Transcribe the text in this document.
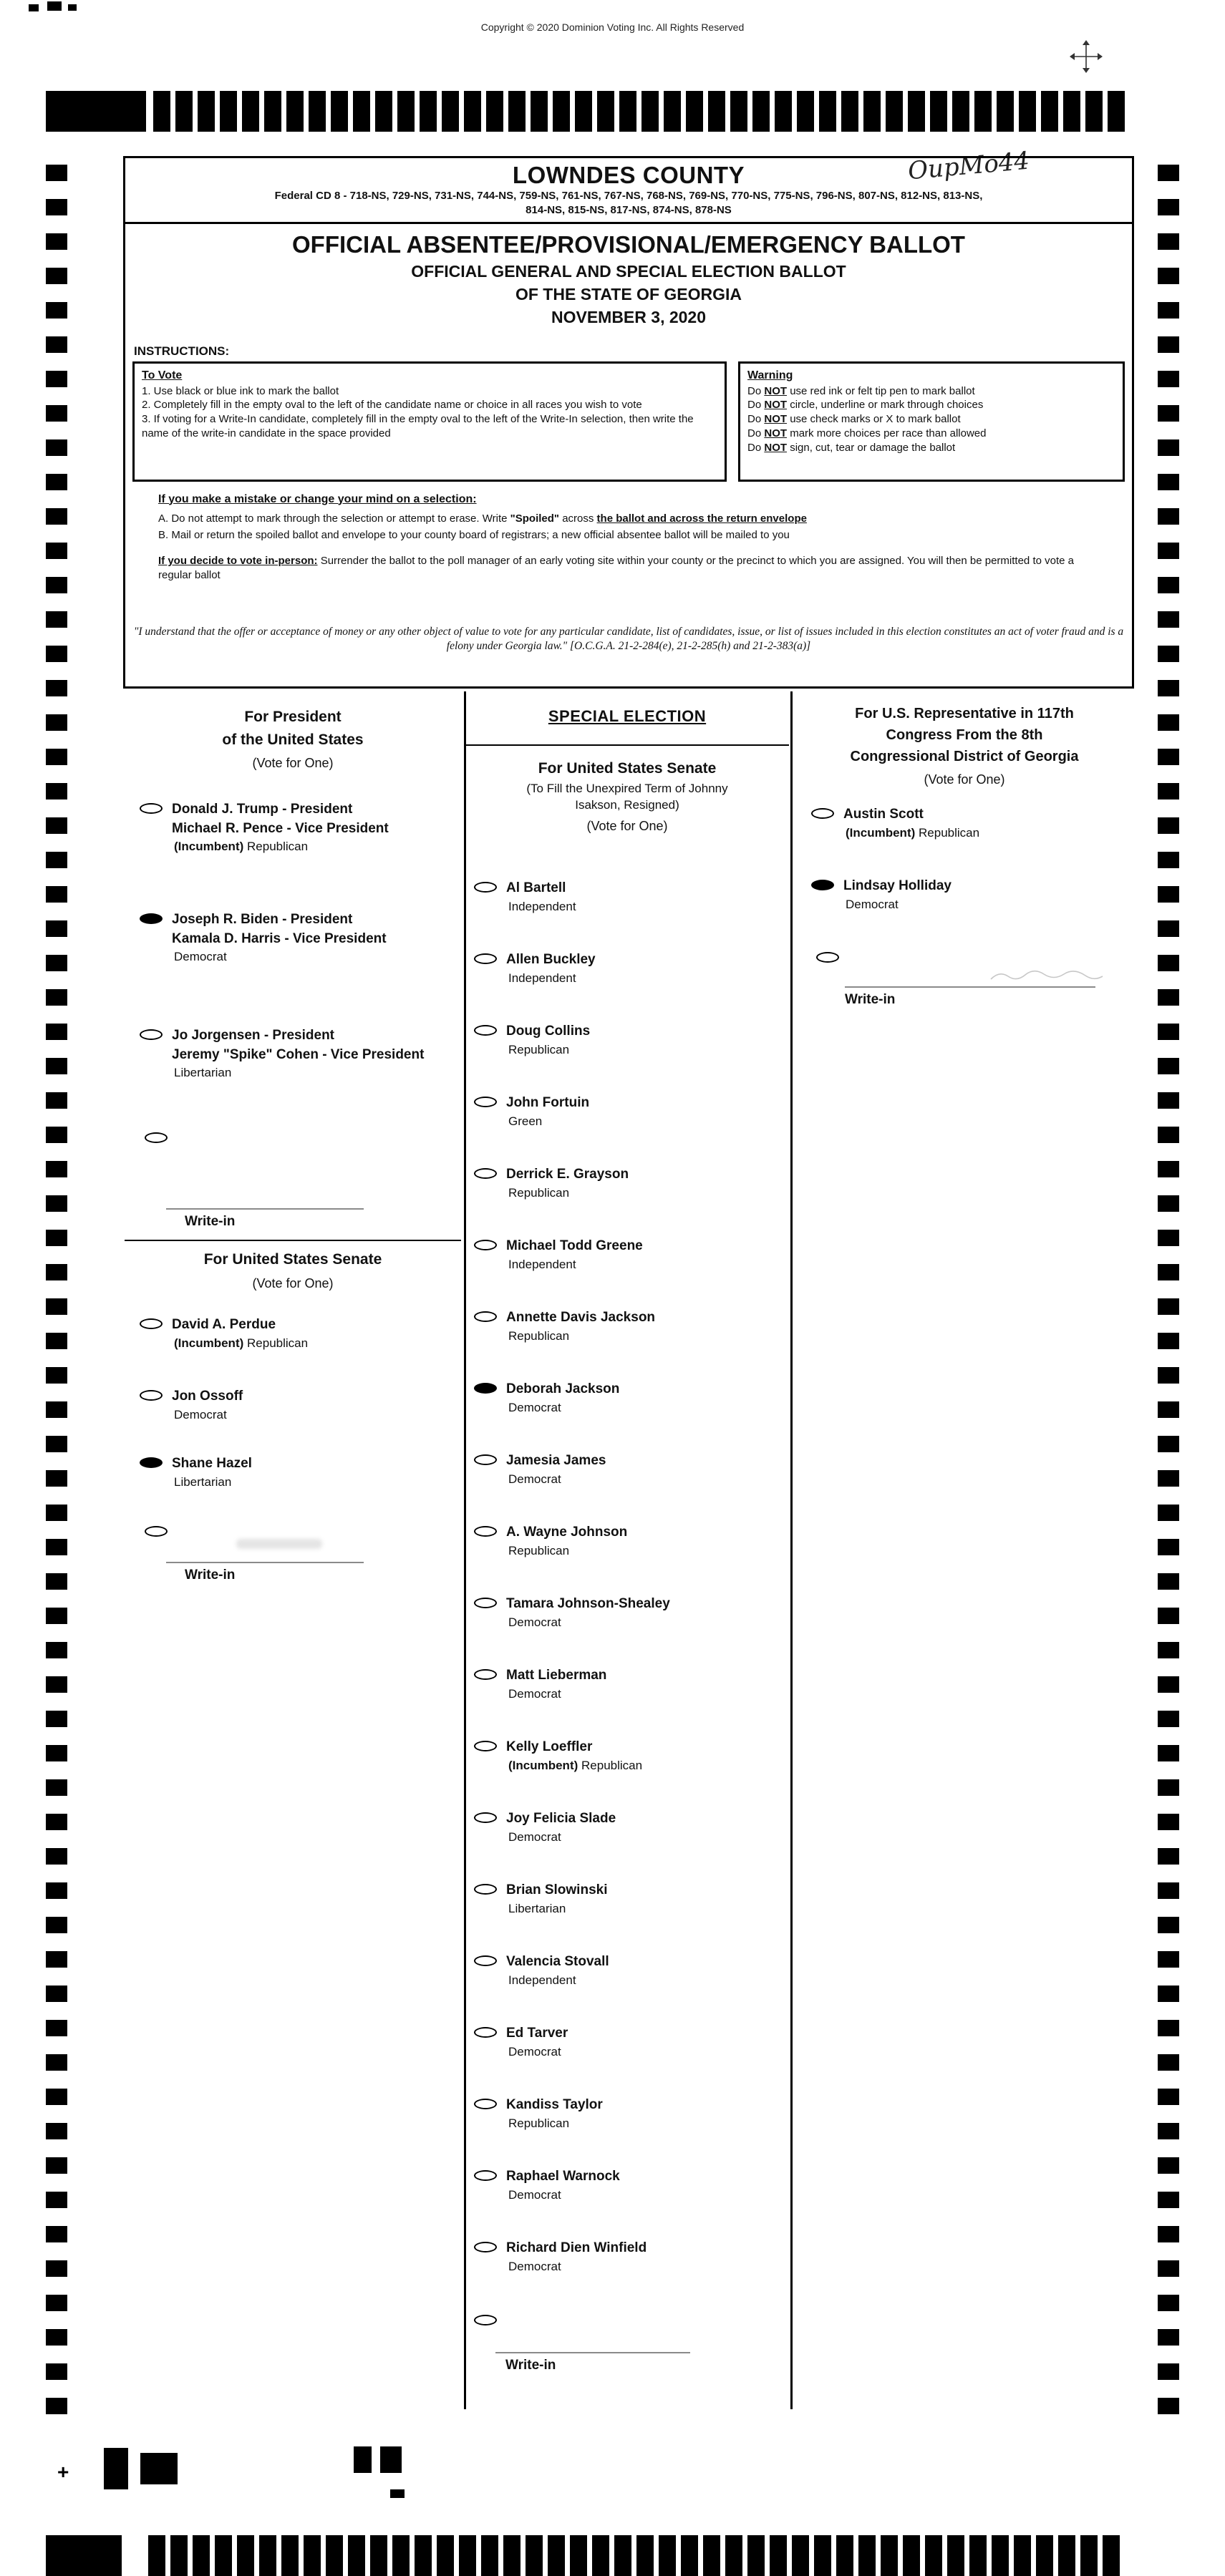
Copyright © 2020 Dominion Voting Inc. All Rights Reserved
OupMo44
LOWNDES COUNTY
Federal CD 8 - 718-NS, 729-NS, 731-NS, 744-NS, 759-NS, 761-NS, 767-NS, 768-NS, 769-NS, 770-NS, 775-NS, 796-NS, 807-NS, 812-NS, 813-NS,
814-NS, 815-NS, 817-NS, 874-NS, 878-NS
OFFICIAL ABSENTEE/PROVISIONAL/EMERGENCY BALLOT
OFFICIAL GENERAL AND SPECIAL ELECTION BALLOT
OF THE STATE OF GEORGIA
NOVEMBER 3, 2020
INSTRUCTIONS:
To Vote
1. Use black or blue ink to mark the ballot
2. Completely fill in the empty oval to the left of the candidate name or choice in all races you wish to vote
3. If voting for a Write-In candidate, completely fill in the empty oval to the left of the Write-In selection, then write the name of the write-in candidate in the space provided
Warning
Do NOT use red ink or felt tip pen to mark ballot
Do NOT circle, underline or mark through choices
Do NOT use check marks or X to mark ballot
Do NOT mark more choices per race than allowed
Do NOT sign, cut, tear or damage the ballot
If you make a mistake or change your mind on a selection:
A. Do not attempt to mark through the selection or attempt to erase. Write "Spoiled" across the ballot and across the return envelope
B. Mail or return the spoiled ballot and envelope to your county board of registrars; a new official absentee ballot will be mailed to you
If you decide to vote in-person: Surrender the ballot to the poll manager of an early voting site within your county or the precinct to which you are assigned. You will then be permitted to vote a regular ballot
"I understand that the offer or acceptance of money or any other object of value to vote for any particular candidate, list of candidates, issue, or list of issues included in this election constitutes an act of voter fraud and is a felony under Georgia law." [O.C.G.A. 21-2-284(e), 21-2-285(h) and 21-2-383(a)]
For President
of the United States
(Vote for One)
Donald J. Trump - President
Michael R. Pence - Vice President
(Incumbent) Republican
Joseph R. Biden - President
Kamala D. Harris - Vice President
Democrat
Jo Jorgensen - President
Jeremy "Spike" Cohen - Vice President
Libertarian
Write-in
For United States Senate
(Vote for One)
David A. Perdue
(Incumbent) Republican
Jon Ossoff
Democrat
Shane Hazel
Libertarian
Write-in
SPECIAL ELECTION
For United States Senate
(To Fill the Unexpired Term of Johnny
Isakson, Resigned)
(Vote for One)
Al Bartell
Independent
Allen Buckley
Independent
Doug Collins
Republican
John Fortuin
Green
Derrick E. Grayson
Republican
Michael Todd Greene
Independent
Annette Davis Jackson
Republican
Deborah Jackson
Democrat
Jamesia James
Democrat
A. Wayne Johnson
Republican
Tamara Johnson-Shealey
Democrat
Matt Lieberman
Democrat
Kelly Loeffler
(Incumbent) Republican
Joy Felicia Slade
Democrat
Brian Slowinski
Libertarian
Valencia Stovall
Independent
Ed Tarver
Democrat
Kandiss Taylor
Republican
Raphael Warnock
Democrat
Richard Dien Winfield
Democrat
Write-in
For U.S. Representative in 117th
Congress From the 8th
Congressional District of Georgia
(Vote for One)
Austin Scott
(Incumbent) Republican
Lindsay Holliday
Democrat
Write-in
+
